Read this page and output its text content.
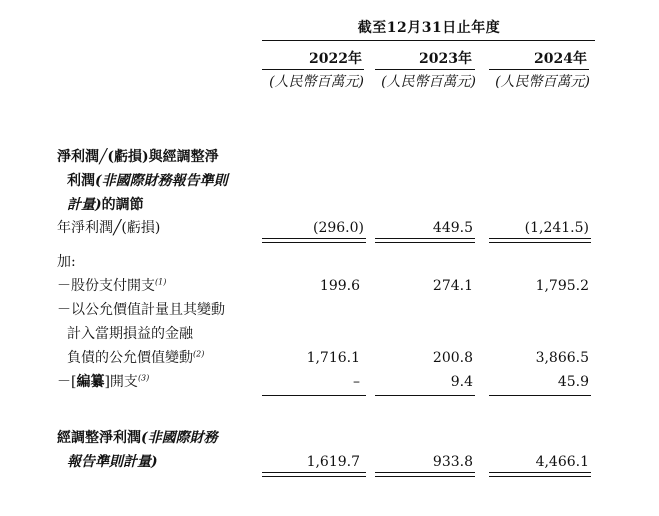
截至12月31日止年度
2022年	2023年	2024年
(人民幣百萬元)	(人民幣百萬元)	(人民幣百萬元)
淨利潤╱(虧損)與經調整淨
利潤(非國際財務報告準則
計量)的調節
年淨利潤╱(虧損)	(296.0)	449.5	(1,241.5)
加:
－股份支付開支$^{(1)}$	199.6	274.1	1,795.2
－以公允價值計量且其變動
計入當期損益的金融
負債的公允價值變動$^{(2)}$	1,716.1	200.8	3,866.5
－[編纂]開支$^{(3)}$	–	9.4	45.9
經調整淨利潤(非國際財務
報告準則計量)	1,619.7	933.8	4,466.1
